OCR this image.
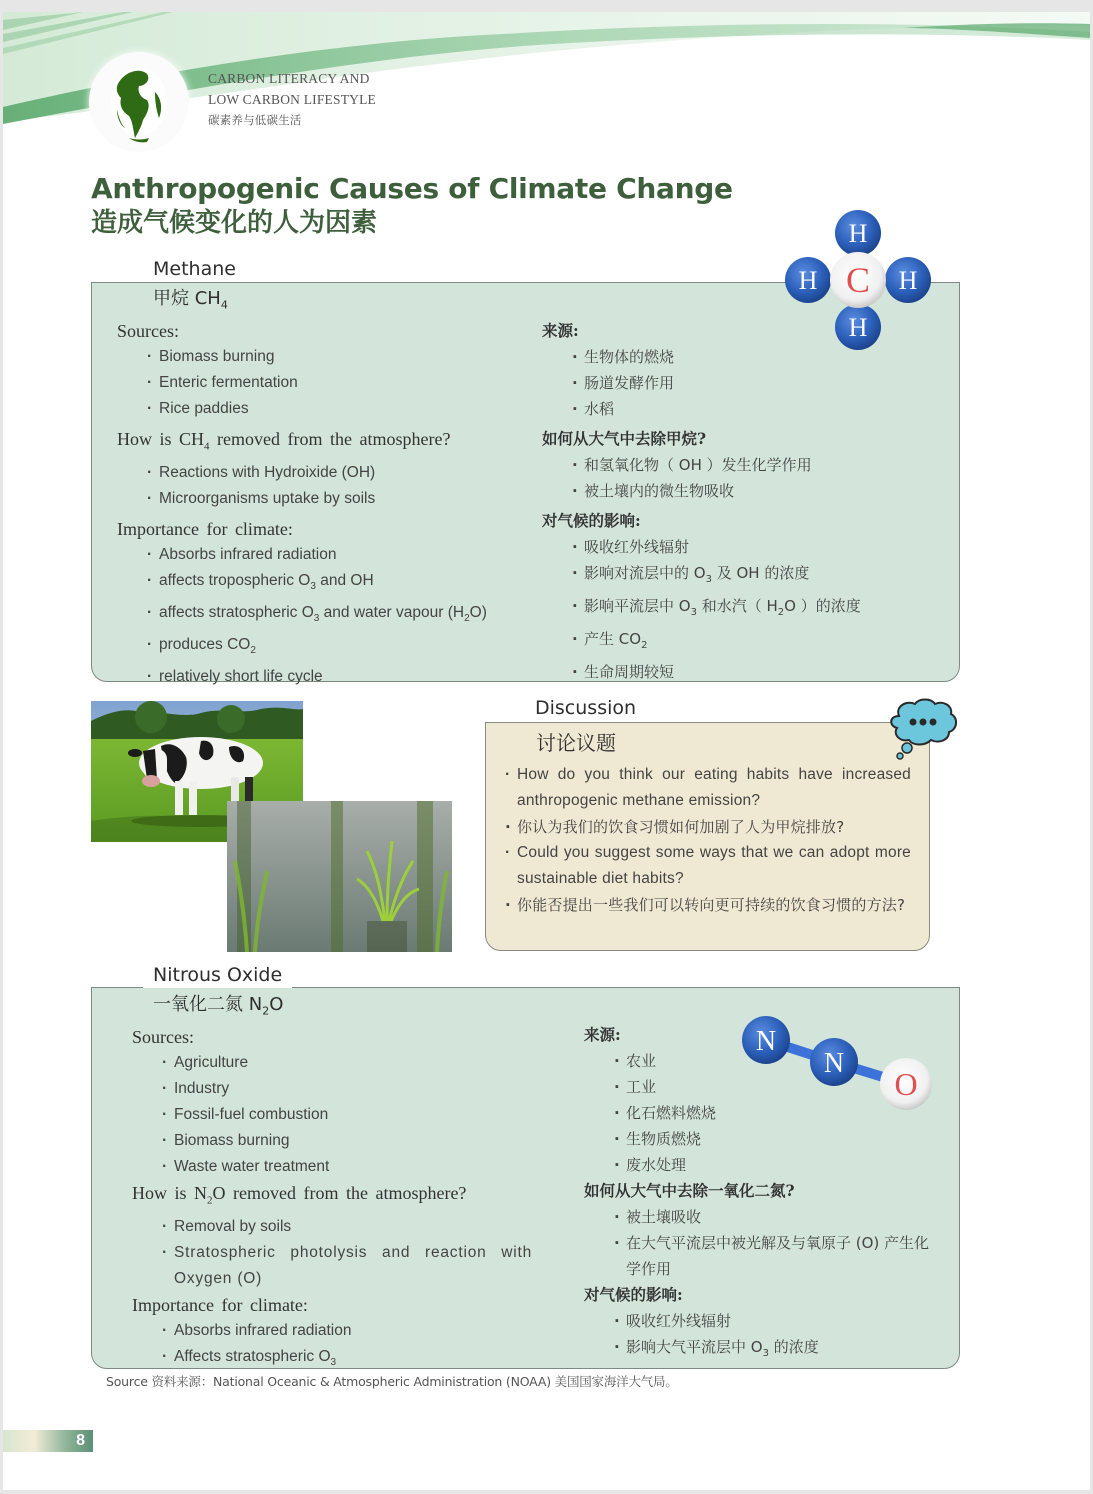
CARBON LITERACY AND
LOW CARBON LIFESTYLE
碳素养与低碳生活
Anthropogenic Causes of Climate Change
造成气候变化的人为因素
Methane
甲烷 $CH_4$
H
H	H
H
C
Sources:
· Biomass burning
· Enteric fermentation
· Rice paddies
How is $CH_4$ removed from the atmosphere?
· Reactions with Hydroixide (OH)
· Microorganisms uptake by soils
Importance for climate:
· Absorbs infrared radiation
· affects tropospheric $O_3$ and OH
· affects stratospheric $O_3$ and water vapour $(H_2O)$
· produces $CO_2$
· relatively short life cycle
来源:
· 生物体的燃烧
· 肠道发酵作用
· 水稻
如何从大气中去除甲烷?
· 和氢氧化物（ OH ）发生化学作用
· 被土壤内的微生物吸收
对气候的影响:
· 吸收红外线辐射
· 影响对流层中的 $O_3$ 及 OH 的浓度
· 影响平流层中 $O_3$ 和水汽（ $H_2O$ ）的浓度
· 产生 $CO_2$
· 生命周期较短
Discussion
讨论议题
· How do you think our eating habits have increased anthropogenic methane emission?
· 你认为我们的饮食习惯如何加剧了人为甲烷排放?
· Could you suggest some ways that we can adopt more sustainable diet habits?
· 你能否提出一些我们可以转向更可持续的饮食习惯的方法?
Nitrous Oxide
一氧化二氮 $N_2O$
N
N
O
Sources:
· Agriculture
· Industry
· Fossil-fuel combustion
· Biomass burning
· Waste water treatment
How is $N_2O$ removed from the atmosphere?
· Removal by soils
· Stratospheric photolysis and reaction with Oxygen (O)
Importance for climate:
· Absorbs infrared radiation
· Affects stratospheric $O_3$
来源:
· 农业
· 工业
· 化石燃料燃烧
· 生物质燃烧
· 废水处理
如何从大气中去除一氧化二氮?
· 被土壤吸收
· 在大气平流层中被光解及与氧原子 (O) 产生化学作用
对气候的影响:
· 吸收红外线辐射
· 影响大气平流层中 $O_3$ 的浓度
Source 资料来源：National Oceanic & Atmospheric Administration (NOAA) 美国国家海洋大气局。
8
